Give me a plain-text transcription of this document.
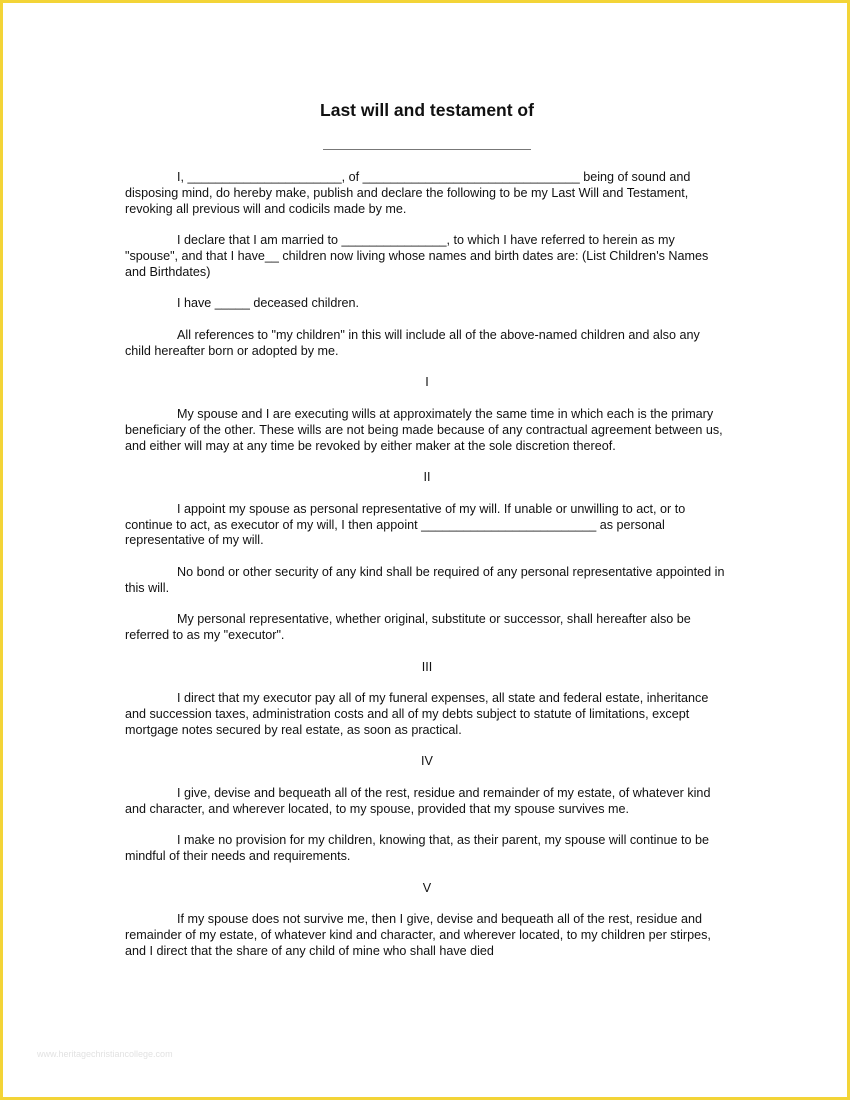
Last will and testament of

I, ______________________, of _______________________________ being of sound and disposing mind, do hereby make, publish and declare the following to be my Last Will and Testament, revoking all previous will and codicils made by me.

I declare that I am married to _______________, to which I have referred to herein as my "spouse", and that I have__ children now living whose names and birth dates are: (List Children's Names and Birthdates)

I have _____ deceased children.

All references to "my children" in this will include all of the above-named children and also any child hereafter born or adopted by me.

I

My spouse and I are executing wills at approximately the same time in which each is the primary beneficiary of the other. These wills are not being made because of any contractual agreement between us, and either will may at any time be revoked by either maker at the sole discretion thereof.

II

I appoint my spouse as personal representative of my will. If unable or unwilling to act, or to continue to act, as executor of my will, I then appoint _________________________ as personal representative of my will.

No bond or other security of any kind shall be required of any personal representative appointed in this will.

My personal representative, whether original, substitute or successor, shall hereafter also be referred to as my "executor".

III

I direct that my executor pay all of my funeral expenses, all state and federal estate, inheritance and succession taxes, administration costs and all of my debts subject to statute of limitations, except mortgage notes secured by real estate, as soon as practical.

IV

I give, devise and bequeath all of the rest, residue and remainder of my estate, of whatever kind and character, and wherever located, to my spouse, provided that my spouse survives me.

I make no provision for my children, knowing that, as their parent, my spouse will continue to be mindful of their needs and requirements.

V

If my spouse does not survive me, then I give, devise and bequeath all of the rest, residue and remainder of my estate, of whatever kind and character, and wherever located, to my children per stirpes, and I direct that the share of any child of mine who shall have died

www.heritagechristiancollege.com
